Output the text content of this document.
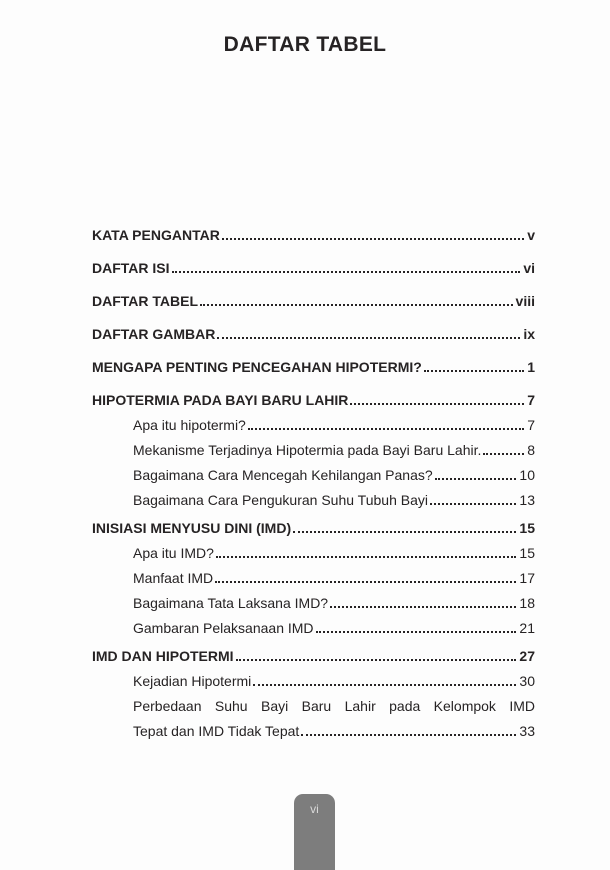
DAFTAR TABEL
KATA PENGANTAR	v
DAFTAR ISI	vi
DAFTAR TABEL	viii
DAFTAR GAMBAR	ix
MENGAPA PENTING PENCEGAHAN HIPOTERMI?	1
HIPOTERMIA PADA BAYI BARU LAHIR	7
Apa itu hipotermi?	7
Mekanisme Terjadinya Hipotermia pada Bayi Baru Lahir.	8
Bagaimana Cara Mencegah Kehilangan Panas?	10
Bagaimana Cara Pengukuran Suhu Tubuh Bayi	13
INISIASI MENYUSU DINI (IMD)	15
Apa itu IMD?	15
Manfaat IMD	17
Bagaimana Tata Laksana IMD?	18
Gambaran Pelaksanaan IMD	21
IMD DAN HIPOTERMI	27
Kejadian Hipotermi	30
Perbedaan Suhu Bayi Baru Lahir pada Kelompok IMD
Tepat dan IMD Tidak Tepat	33
vi
